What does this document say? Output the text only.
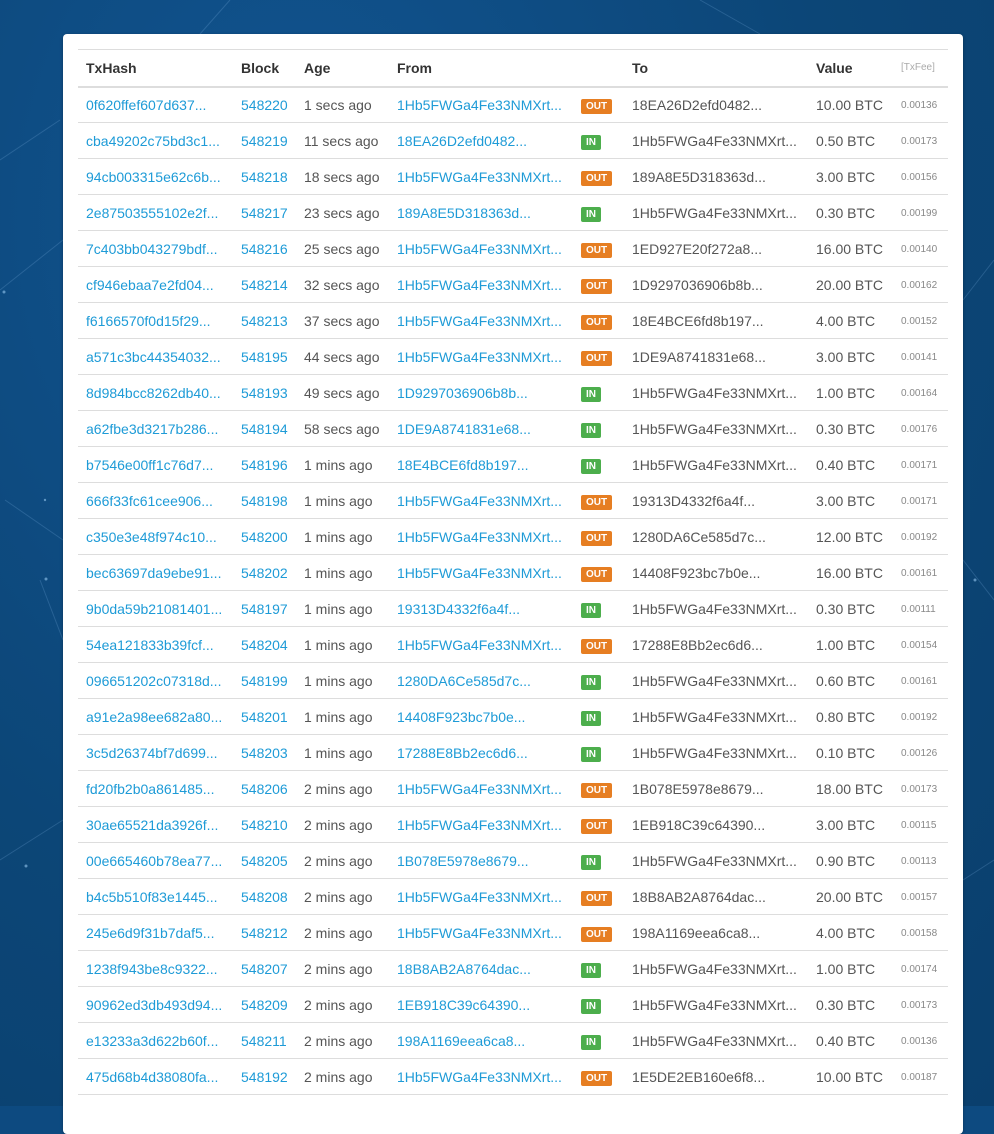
TxHash	Block	Age	From		To	Value	[TxFee]
0f620ffef607d637...	548220	1 secs ago	1Hb5FWGa4Fe33NMXrt...	OUT	18EA26D2efd0482...	10.00 BTC	0.00136
cba49202c75bd3c1...	548219	11 secs ago	18EA26D2efd0482...	IN	1Hb5FWGa4Fe33NMXrt...	0.50 BTC	0.00173
94cb003315e62c6b...	548218	18 secs ago	1Hb5FWGa4Fe33NMXrt...	OUT	189A8E5D318363d...	3.00 BTC	0.00156
2e87503555102e2f...	548217	23 secs ago	189A8E5D318363d...	IN	1Hb5FWGa4Fe33NMXrt...	0.30 BTC	0.00199
7c403bb043279bdf...	548216	25 secs ago	1Hb5FWGa4Fe33NMXrt...	OUT	1ED927E20f272a8...	16.00 BTC	0.00140
cf946ebaa7e2fd04...	548214	32 secs ago	1Hb5FWGa4Fe33NMXrt...	OUT	1D9297036906b8b...	20.00 BTC	0.00162
f6166570f0d15f29...	548213	37 secs ago	1Hb5FWGa4Fe33NMXrt...	OUT	18E4BCE6fd8b197...	4.00 BTC	0.00152
a571c3bc44354032...	548195	44 secs ago	1Hb5FWGa4Fe33NMXrt...	OUT	1DE9A8741831e68...	3.00 BTC	0.00141
8d984bcc8262db40...	548193	49 secs ago	1D9297036906b8b...	IN	1Hb5FWGa4Fe33NMXrt...	1.00 BTC	0.00164
a62fbe3d3217b286...	548194	58 secs ago	1DE9A8741831e68...	IN	1Hb5FWGa4Fe33NMXrt...	0.30 BTC	0.00176
b7546e00ff1c76d7...	548196	1 mins ago	18E4BCE6fd8b197...	IN	1Hb5FWGa4Fe33NMXrt...	0.40 BTC	0.00171
666f33fc61cee906...	548198	1 mins ago	1Hb5FWGa4Fe33NMXrt...	OUT	19313D4332f6a4f...	3.00 BTC	0.00171
c350e3e48f974c10...	548200	1 mins ago	1Hb5FWGa4Fe33NMXrt...	OUT	1280DA6Ce585d7c...	12.00 BTC	0.00192
bec63697da9ebe91...	548202	1 mins ago	1Hb5FWGa4Fe33NMXrt...	OUT	14408F923bc7b0e...	16.00 BTC	0.00161
9b0da59b21081401...	548197	1 mins ago	19313D4332f6a4f...	IN	1Hb5FWGa4Fe33NMXrt...	0.30 BTC	0.00111
54ea121833b39fcf...	548204	1 mins ago	1Hb5FWGa4Fe33NMXrt...	OUT	17288E8Bb2ec6d6...	1.00 BTC	0.00154
096651202c07318d...	548199	1 mins ago	1280DA6Ce585d7c...	IN	1Hb5FWGa4Fe33NMXrt...	0.60 BTC	0.00161
a91e2a98ee682a80...	548201	1 mins ago	14408F923bc7b0e...	IN	1Hb5FWGa4Fe33NMXrt...	0.80 BTC	0.00192
3c5d26374bf7d699...	548203	1 mins ago	17288E8Bb2ec6d6...	IN	1Hb5FWGa4Fe33NMXrt...	0.10 BTC	0.00126
fd20fb2b0a861485...	548206	2 mins ago	1Hb5FWGa4Fe33NMXrt...	OUT	1B078E5978e8679...	18.00 BTC	0.00173
30ae65521da3926f...	548210	2 mins ago	1Hb5FWGa4Fe33NMXrt...	OUT	1EB918C39c64390...	3.00 BTC	0.00115
00e665460b78ea77...	548205	2 mins ago	1B078E5978e8679...	IN	1Hb5FWGa4Fe33NMXrt...	0.90 BTC	0.00113
b4c5b510f83e1445...	548208	2 mins ago	1Hb5FWGa4Fe33NMXrt...	OUT	18B8AB2A8764dac...	20.00 BTC	0.00157
245e6d9f31b7daf5...	548212	2 mins ago	1Hb5FWGa4Fe33NMXrt...	OUT	198A1169eea6ca8...	4.00 BTC	0.00158
1238f943be8c9322...	548207	2 mins ago	18B8AB2A8764dac...	IN	1Hb5FWGa4Fe33NMXrt...	1.00 BTC	0.00174
90962ed3db493d94...	548209	2 mins ago	1EB918C39c64390...	IN	1Hb5FWGa4Fe33NMXrt...	0.30 BTC	0.00173
e13233a3d622b60f...	548211	2 mins ago	198A1169eea6ca8...	IN	1Hb5FWGa4Fe33NMXrt...	0.40 BTC	0.00136
475d68b4d38080fa...	548192	2 mins ago	1Hb5FWGa4Fe33NMXrt...	OUT	1E5DE2EB160e6f8...	10.00 BTC	0.00187
